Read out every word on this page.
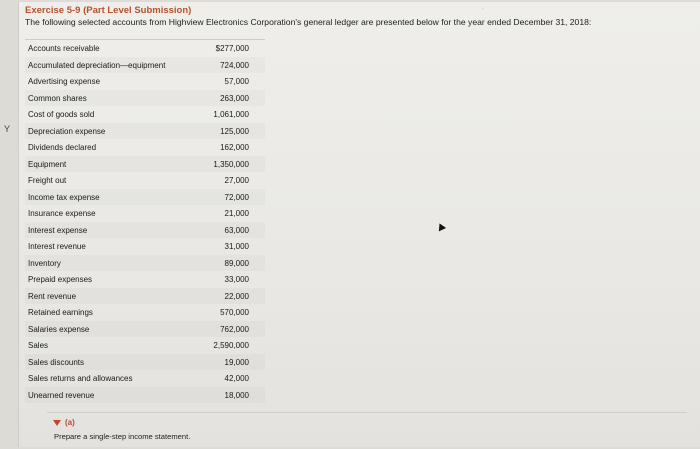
Y
Exercise 5-9 (Part Level Submission)
The following selected accounts from Highview Electronics Corporation's general ledger are presented below for the year ended December 31, 2018:
˙
Accounts receivable	$277,000
Accumulated depreciation—equipment	724,000
Advertising expense	57,000
Common shares	263,000
Cost of goods sold	1,061,000
Depreciation expense	125,000
Dividends declared	162,000
Equipment	1,350,000
Freight out	27,000
Income tax expense	72,000
Insurance expense	21,000
Interest expense	63,000
Interest revenue	31,000
Inventory	89,000
Prepaid expenses	33,000
Rent revenue	22,000
Retained earnings	570,000
Salaries expense	762,000
Sales	2,590,000
Sales discounts	19,000
Sales returns and allowances	42,000
Unearned revenue	18,000
(a)
Prepare a single-step income statement.
